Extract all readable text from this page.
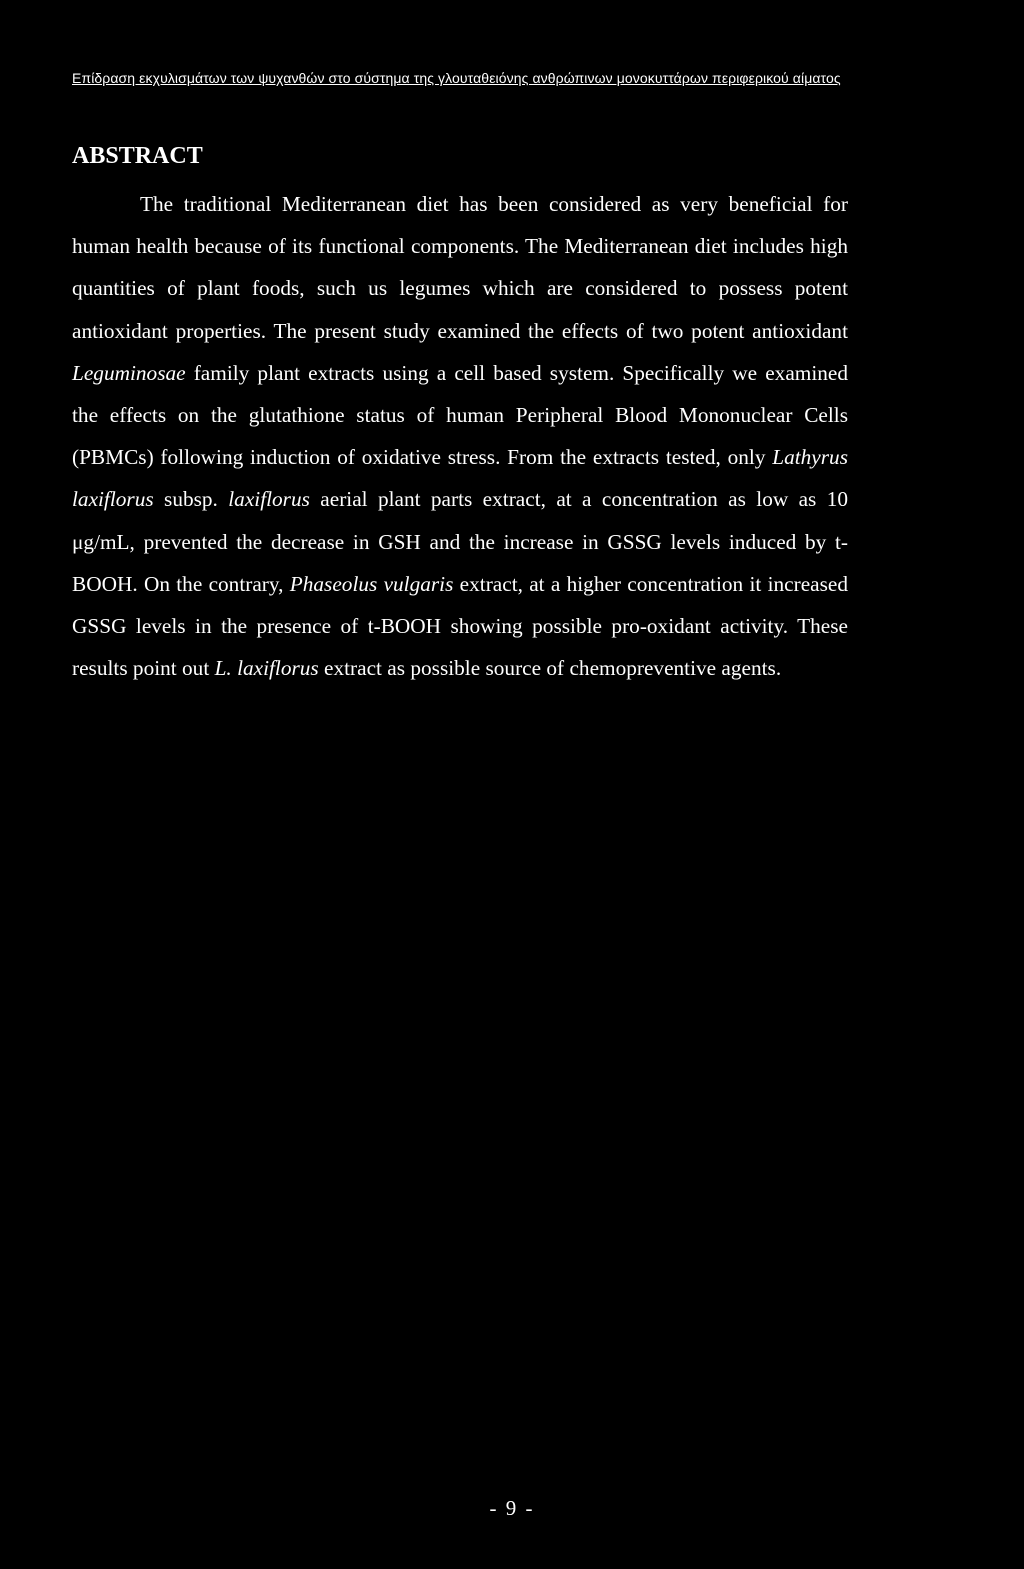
Επίδραση εκχυλισμάτων των ψυχανθών στο σύστημα της γλουταθειόνης ανθρώπινων μονοκυττάρων περιφερικού αίματος
ABSTRACT

The traditional Mediterranean diet has been considered as very beneficial for human health because of its functional components. The Mediterranean diet includes high quantities of plant foods, such us legumes which are considered to possess potent antioxidant properties. The present study examined the effects of two potent antioxidant Leguminosae family plant extracts using a cell based system. Specifically we examined the effects on the glutathione status of human Peripheral Blood Mononuclear Cells (PBMCs) following induction of oxidative stress. From the extracts tested, only Lathyrus laxiflorus subsp. laxiflorus aerial plant parts extract, at a concentration as low as 10 μg/mL, prevented the decrease in GSH and the increase in GSSG levels induced by t-BOOH. On the contrary, Phaseolus vulgaris extract, at a higher concentration it increased GSSG levels in the presence of t-BOOH showing possible pro-oxidant activity. These results point out L. laxiflorus extract as possible source of chemopreventive agents.

- 9 -
